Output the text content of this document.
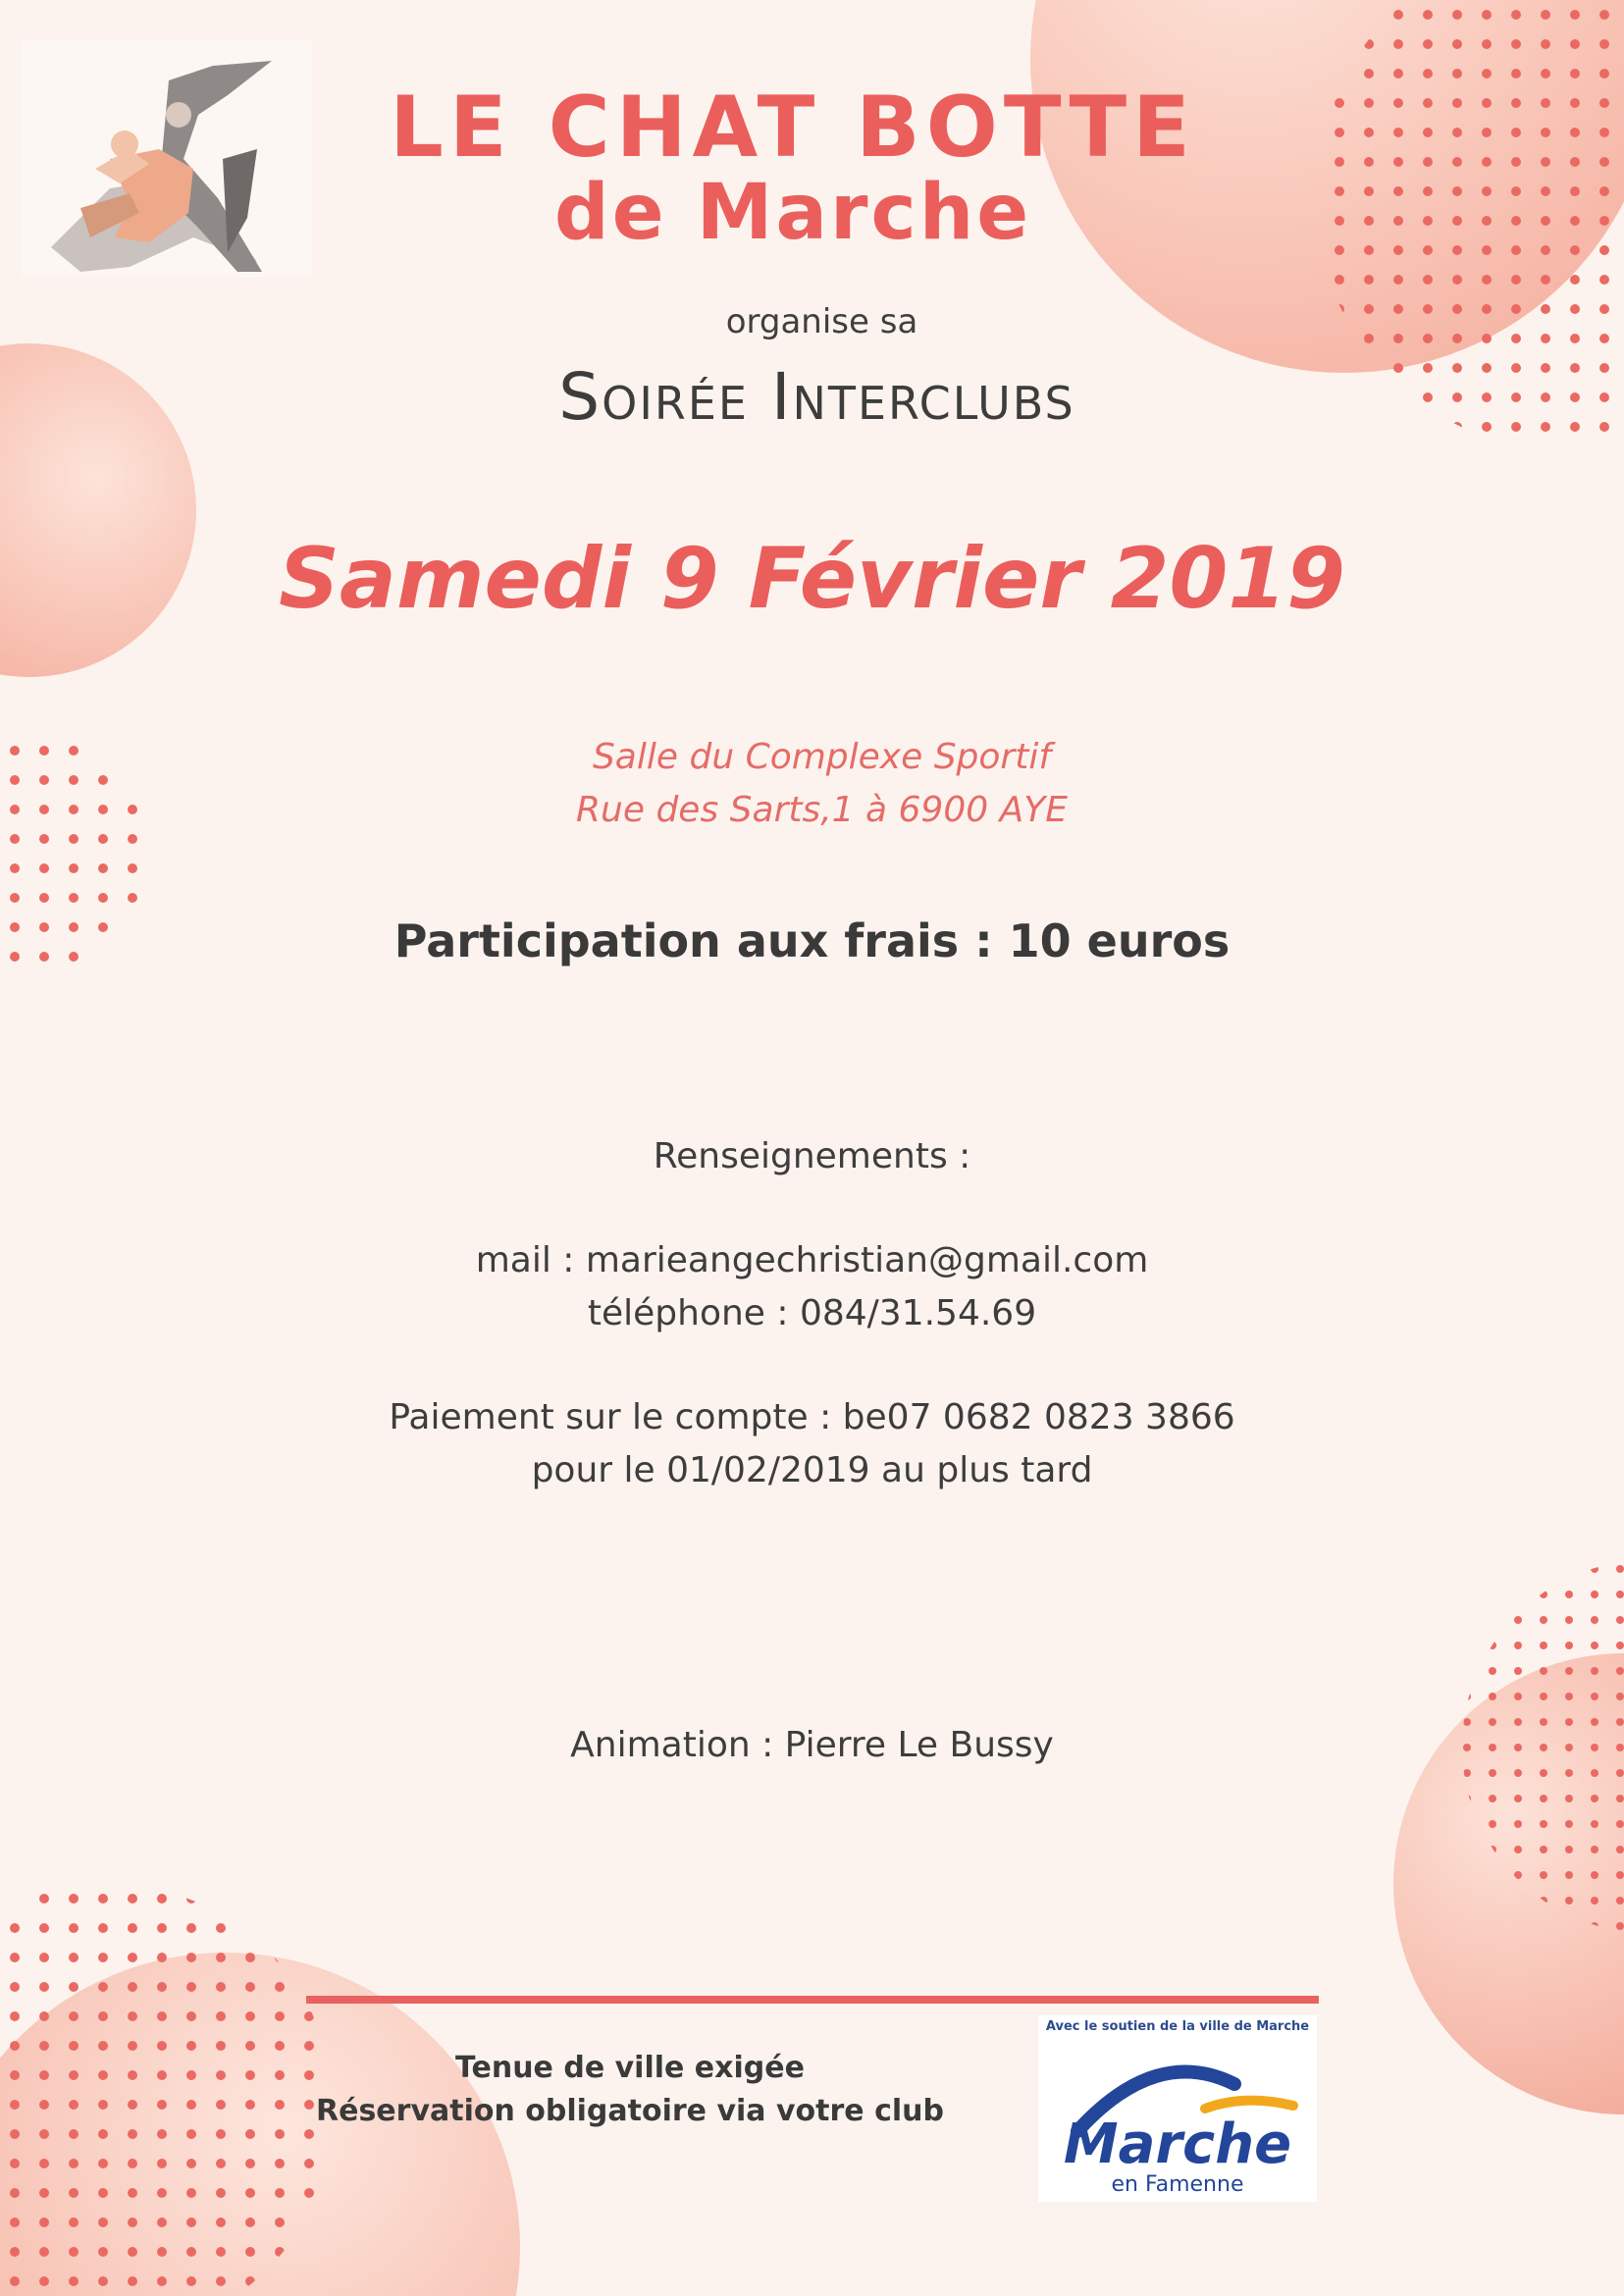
LE CHAT BOTTE
de Marche
organise sa
Soirée Interclubs
Samedi 9 Février 2019
Salle du Complexe Sportif
Rue des Sarts,1 à 6900 AYE
Participation aux frais : 10 euros
Renseignements :
mail : marieangechristian@gmail.com
téléphone : 084/31.54.69
Paiement sur le compte : be07 0682 0823 3866
pour le 01/02/2019 au plus tard
Animation : Pierre Le Bussy
Tenue de ville exigée
Réservation obligatoire via votre club
Avec le soutien de la ville de Marche
Marche
en Famenne
